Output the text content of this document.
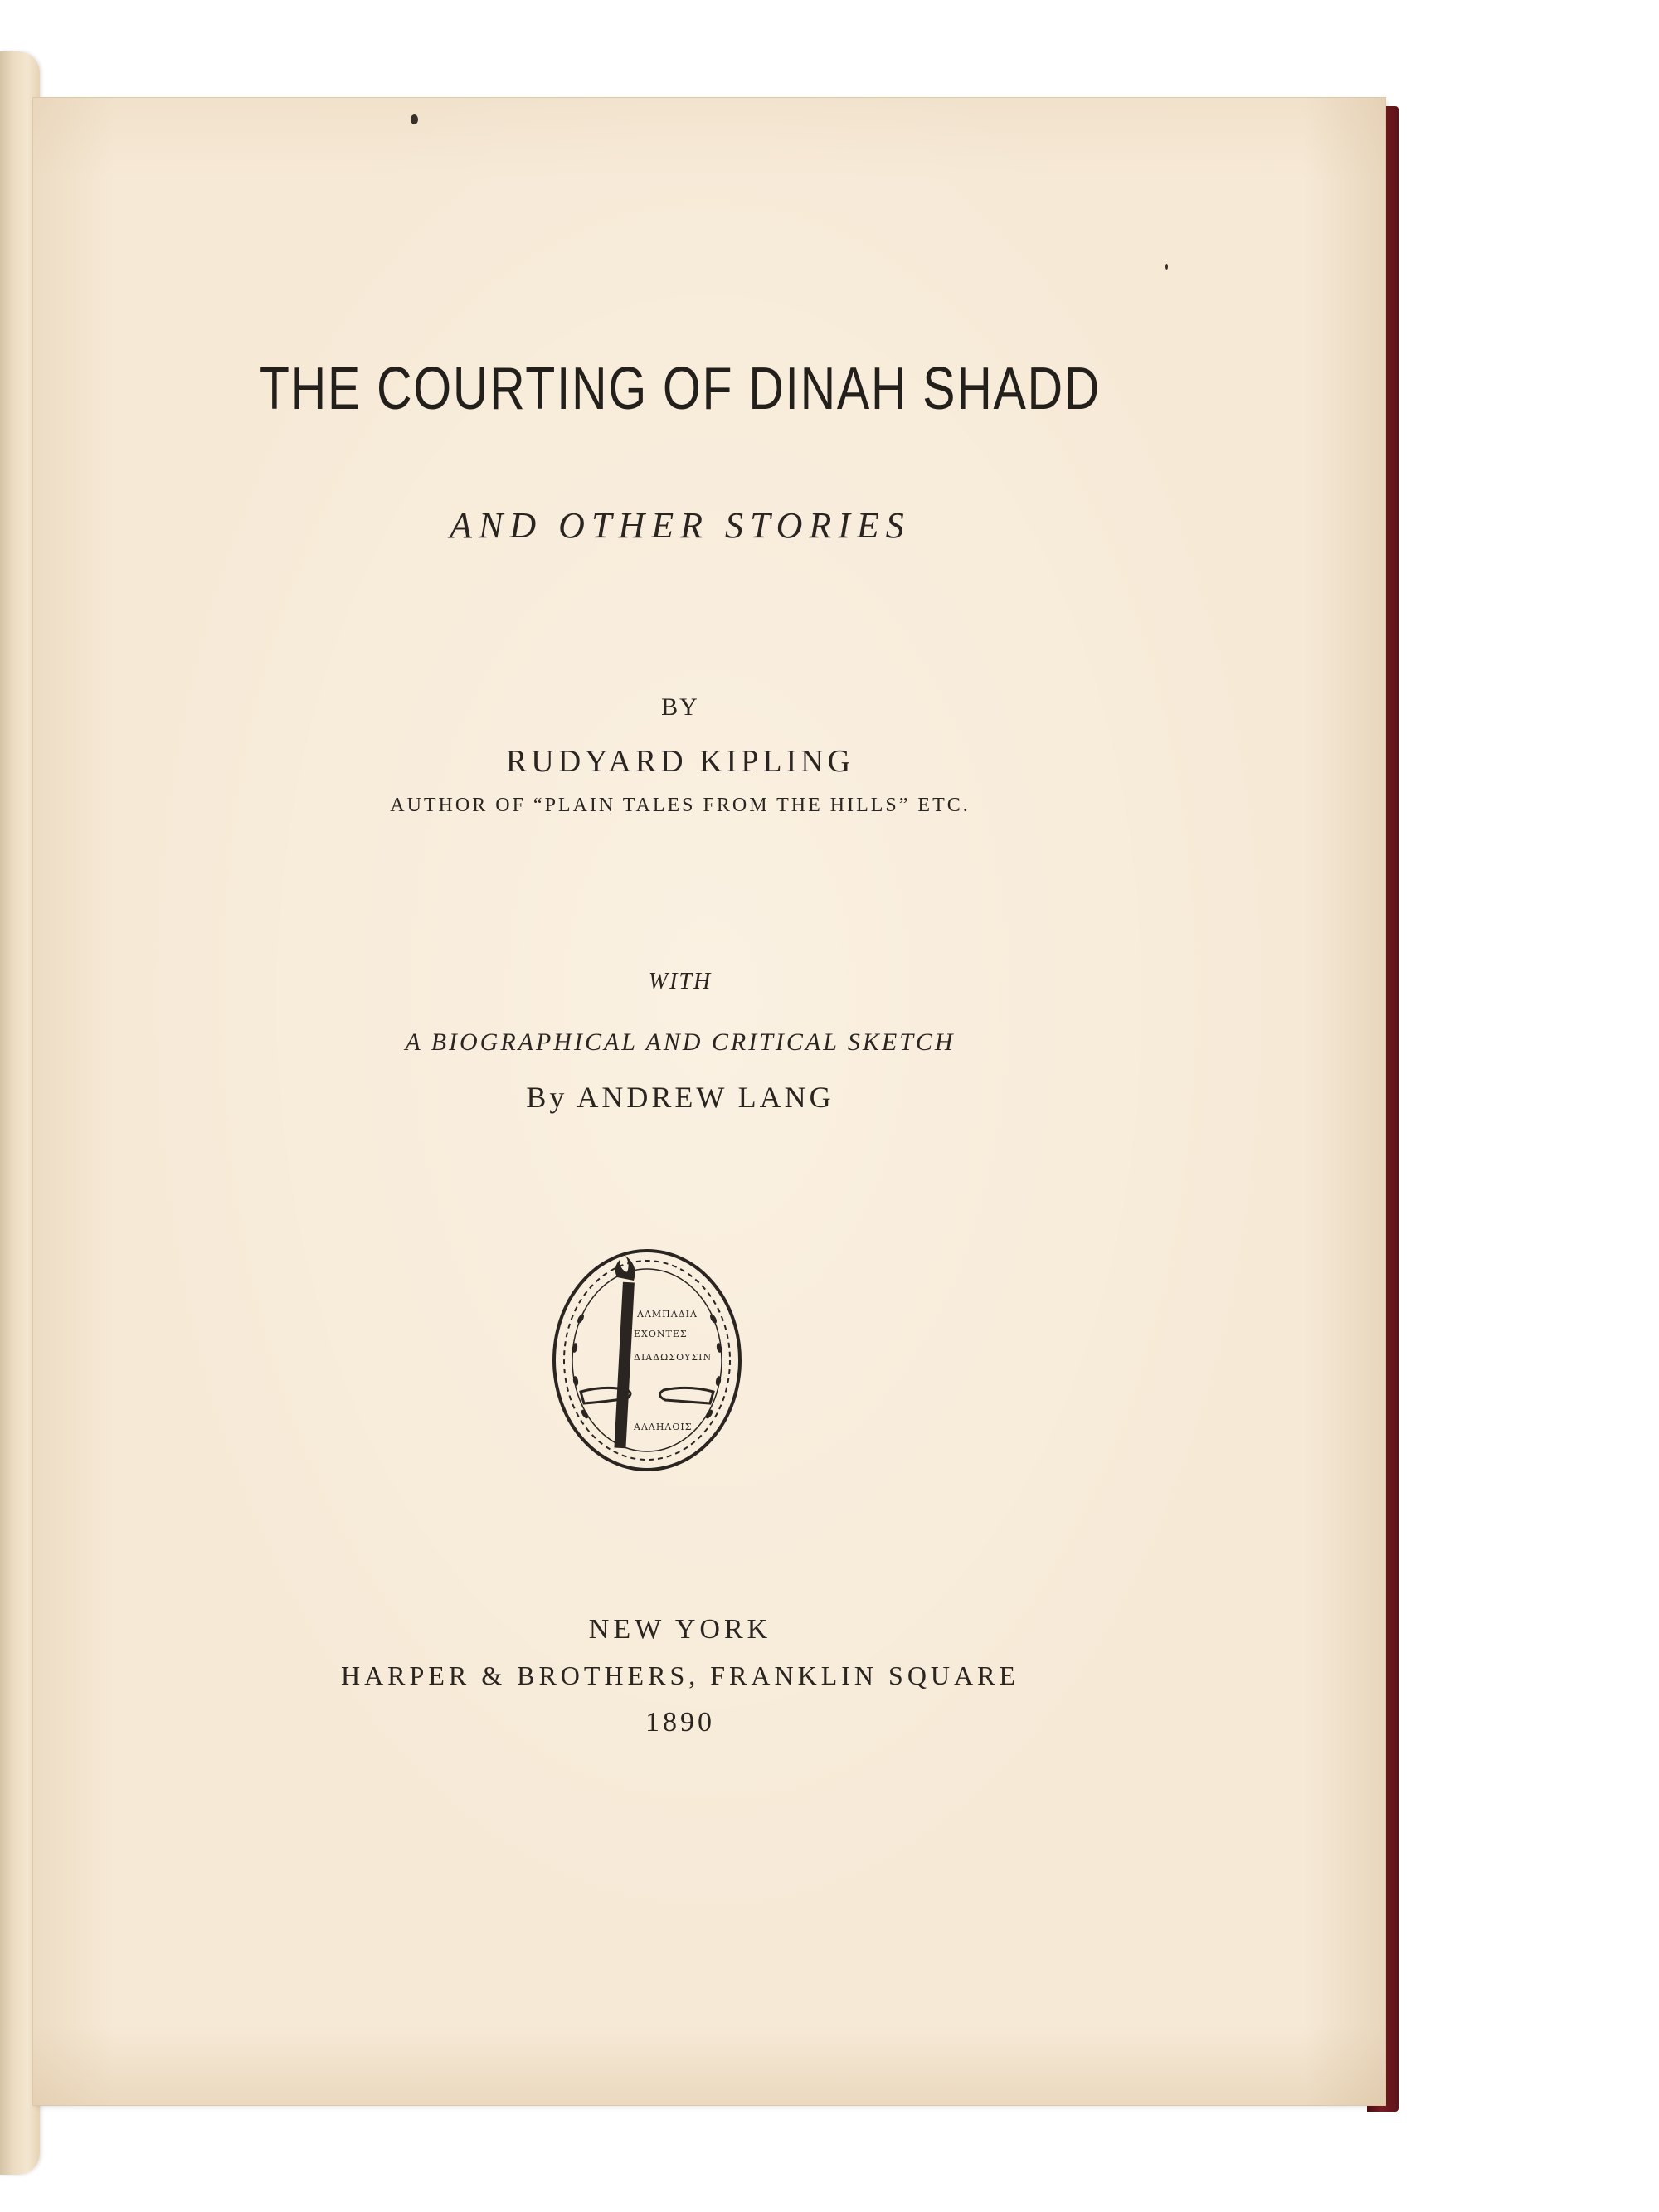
THE COURTING OF DINAH SHADD
AND OTHER STORIES
BY
RUDYARD KIPLING
AUTHOR OF “PLAIN TALES FROM THE HILLS” ETC.
WITH
A BIOGRAPHICAL AND CRITICAL SKETCH
By ANDREW LANG
ΛΑΜΠΑΔΙΑ
ΕΧΟΝΤΕΣ
ΔΙΑΔΩΣΟΥΣΙΝ
ΑΛΛΗΛΟΙΣ
NEW YORK
HARPER & BROTHERS, FRANKLIN SQUARE
1890
